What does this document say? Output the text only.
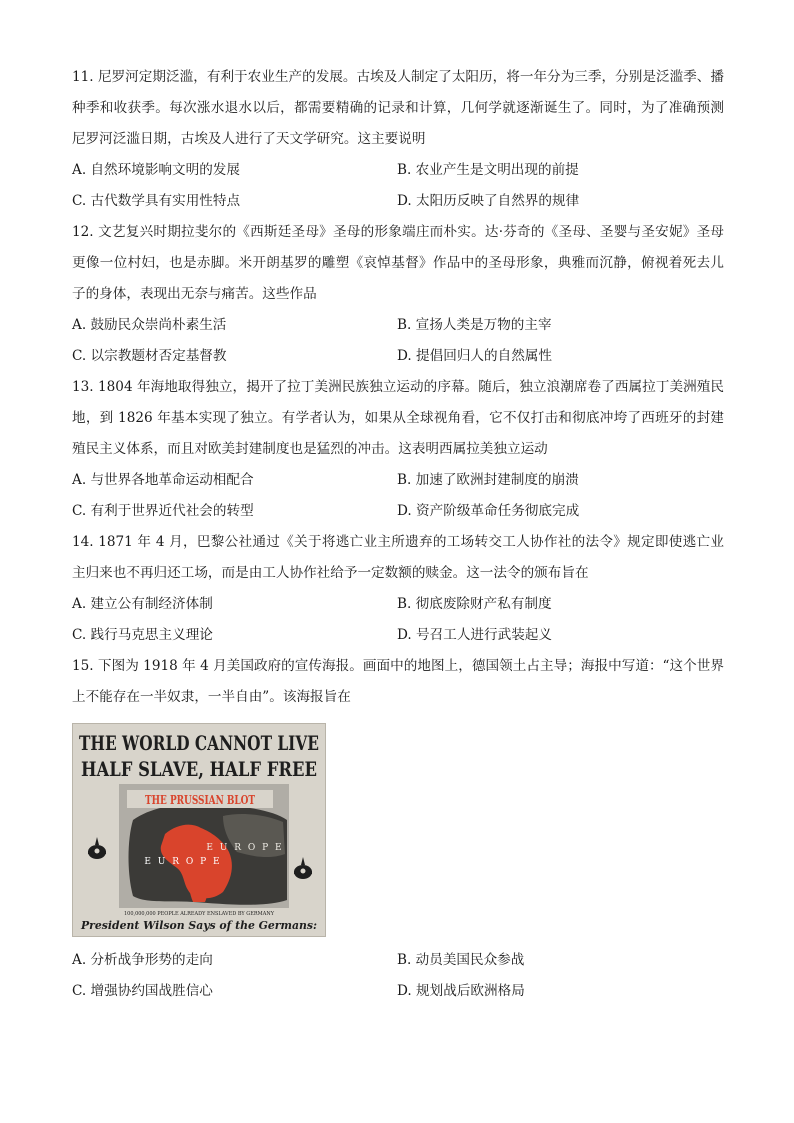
11. 尼罗河定期泛滥，有利于农业生产的发展。古埃及人制定了太阳历，将一年分为三季，分别是泛滥季、播种季和收获季。每次涨水退水以后，都需要精确的记录和计算，几何学就逐渐诞生了。同时，为了准确预测尼罗河泛滥日期，古埃及人进行了天文学研究。这主要说明

A. 自然环境影响文明的发展	B. 农业产生是文明出现的前提
C. 古代数学具有实用性特点	D. 太阳历反映了自然界的规律

12. 文艺复兴时期拉斐尔的《西斯廷圣母》圣母的形象端庄而朴实。达·芬奇的《圣母、圣婴与圣安妮》圣母更像一位村妇，也是赤脚。米开朗基罗的雕塑《哀悼基督》作品中的圣母形象，典雅而沉静，俯视着死去儿子的身体，表现出无奈与痛苦。这些作品

A. 鼓励民众崇尚朴素生活	B. 宣扬人类是万物的主宰
C. 以宗教题材否定基督教	D. 提倡回归人的自然属性

13. 1804 年海地取得独立，揭开了拉丁美洲民族独立运动的序幕。随后，独立浪潮席卷了西属拉丁美洲殖民地，到 1826 年基本实现了独立。有学者认为，如果从全球视角看，它不仅打击和彻底冲垮了西班牙的封建殖民主义体系，而且对欧美封建制度也是猛烈的冲击。这表明西属拉美独立运动

A. 与世界各地革命运动相配合	B. 加速了欧洲封建制度的崩溃
C. 有利于世界近代社会的转型	D. 资产阶级革命任务彻底完成

14. 1871 年 4 月，巴黎公社通过《关于将逃亡业主所遗弃的工场转交工人协作社的法令》规定即使逃亡业主归来也不再归还工场，而是由工人协作社给予一定数额的赎金。这一法令的颁布旨在

A. 建立公有制经济体制	B. 彻底废除财产私有制度
C. 践行马克思主义理论	D. 号召工人进行武装起义

15. 下图为 1918 年 4 月美国政府的宣传海报。画面中的地图上，德国领土占主导；海报中写道：“这个世界上不能存在一半奴隶，一半自由”。该海报旨在

THE WORLD CANNOT LIVE
HALF SLAVE, HALF FREE
THE PRUSSIAN BLOT
E U R O P E
E U R O P E
100,000,000 PEOPLE ALREADY ENSLAVED BY GERMANY
President Wilson Says of the Germans:
A. 分析战争形势的走向	B. 动员美国民众参战
C. 增强协约国战胜信心	D. 规划战后欧洲格局
